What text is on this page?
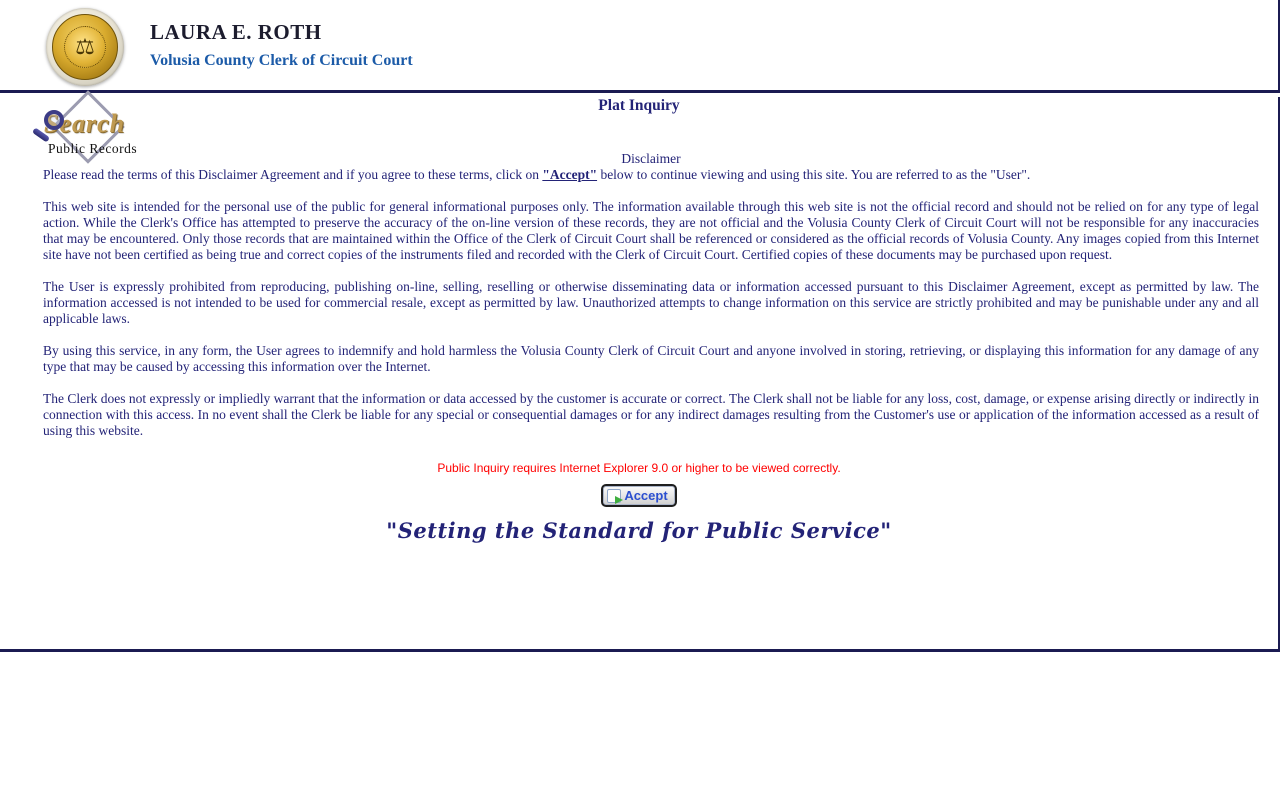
⚖
LAURA E. ROTH
Volusia County Clerk of Circuit Court
Search
Public Records
Plat Inquiry
Disclaimer

Please read the terms of this Disclaimer Agreement and if you agree to these terms, click on "Accept" below to continue viewing and using this site. You are referred to as the "User".

This web site is intended for the personal use of the public for general informational purposes only. The information available through this web site is not the official record and should not be relied on for any type of legal action. While the Clerk's Office has attempted to preserve the accuracy of the on-line version of these records, they are not official and the Volusia County Clerk of Circuit Court will not be responsible for any inaccuracies that may be encountered. Only those records that are maintained within the Office of the Clerk of Circuit Court shall be referenced or considered as the official records of Volusia County. Any images copied from this Internet site have not been certified as being true and correct copies of the instruments filed and recorded with the Clerk of Circuit Court. Certified copies of these documents may be purchased upon request.

The User is expressly prohibited from reproducing, publishing on-line, selling, reselling or otherwise disseminating data or information accessed pursuant to this Disclaimer Agreement, except as permitted by law. The information accessed is not intended to be used for commercial resale, except as permitted by law. Unauthorized attempts to change information on this service are strictly prohibited and may be punishable under any and all applicable laws.

By using this service, in any form, the User agrees to indemnify and hold harmless the Volusia County Clerk of Circuit Court and anyone involved in storing, retrieving, or displaying this information for any damage of any type that may be caused by accessing this information over the Internet.

The Clerk does not expressly or impliedly warrant that the information or data accessed by the customer is accurate or correct. The Clerk shall not be liable for any loss, cost, damage, or expense arising directly or indirectly in connection with this access. In no event shall the Clerk be liable for any special or consequential damages or for any indirect damages resulting from the Customer's use or application of the information accessed as a result of using this website.

Public Inquiry requires Internet Explorer 9.0 or higher to be viewed correctly.
Accept
"Setting the Standard for Public Service"
